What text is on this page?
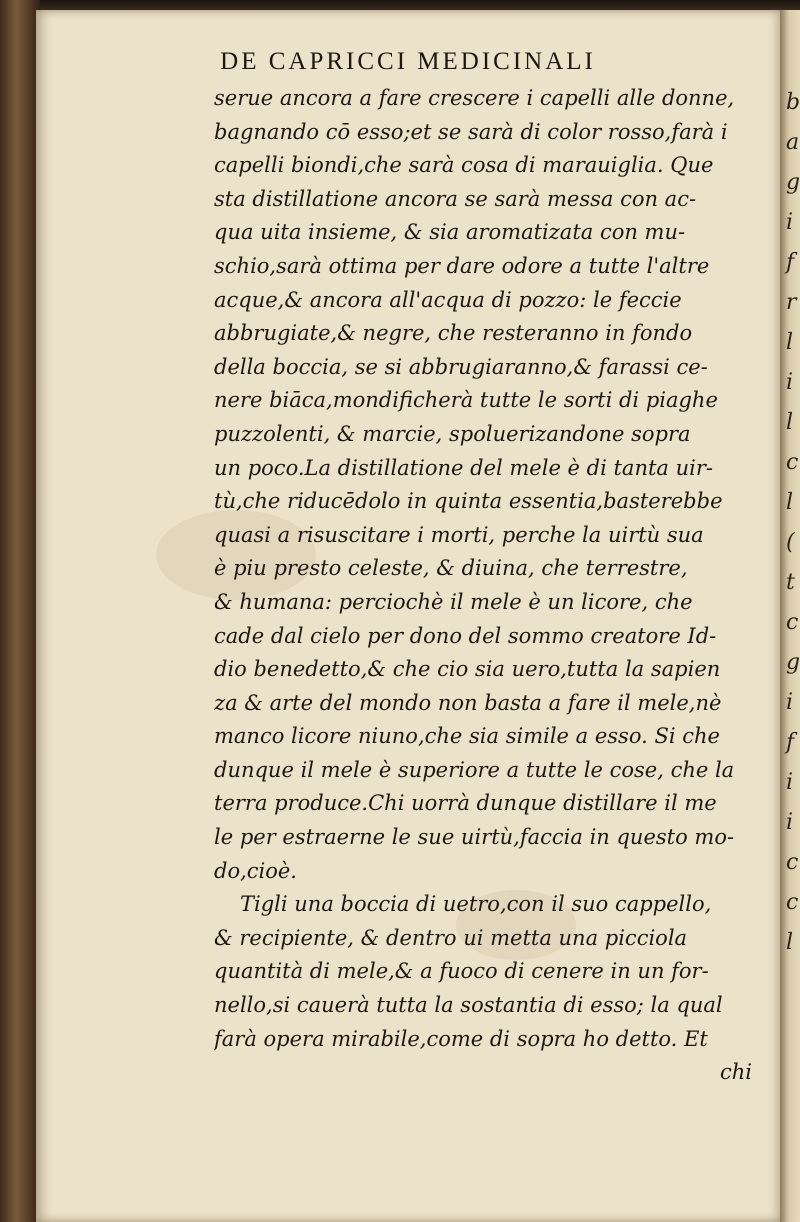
DE CAPRICCI MEDICINALI
serue ancora a fare crescere i capelli alle donne,
bagnando cō esso;et se sarà di color rosso,farà i
capelli biondi,che sarà cosa di marauiglia. Que
sta distillatione ancora se sarà messa con ac-
qua uita insieme, & sia aromatizata con mu-
schio,sarà ottima per dare odore a tutte l'altre
acque,& ancora all'acqua di pozzo: le feccie
abbrugiate,& negre, che resteranno in fondo
della boccia, se si abbrugiaranno,& farassi ce-
nere biāca,mondificherà tutte le sorti di piaghe
puzzolenti, & marcie, spoluerizandone sopra
un poco.La distillatione del mele è di tanta uir-
tù,che riducēdolo in quinta essentia,basterebbe
quasi a risuscitare i morti, perche la uirtù sua
è piu presto celeste, & diuina, che terrestre,
& humana: perciochè il mele è un licore, che
cade dal cielo per dono del sommo creatore Id-
dio benedetto,& che cio sia uero,tutta la sapien
za & arte del mondo non basta a fare il mele,nè
manco licore niuno,che sia simile a esso. Si che
dunque il mele è superiore a tutte le cose, che la
terra produce.Chi uorrà dunque distillare il me
le per estraerne le sue uirtù,faccia in questo mo-
do,cioè.
Tigli una boccia di uetro,con il suo cappello,
& recipiente, & dentro ui metta una picciola
quantità di mele,& a fuoco di cenere in un for-
nello,si cauerà tutta la sostantia di esso; la qual
farà opera mirabile,come di sopra ho detto. Et
chi
b
a
g
i
f
r
l
i
l
c
l
(
t
c
g
i
f
i
i
c
c
l
